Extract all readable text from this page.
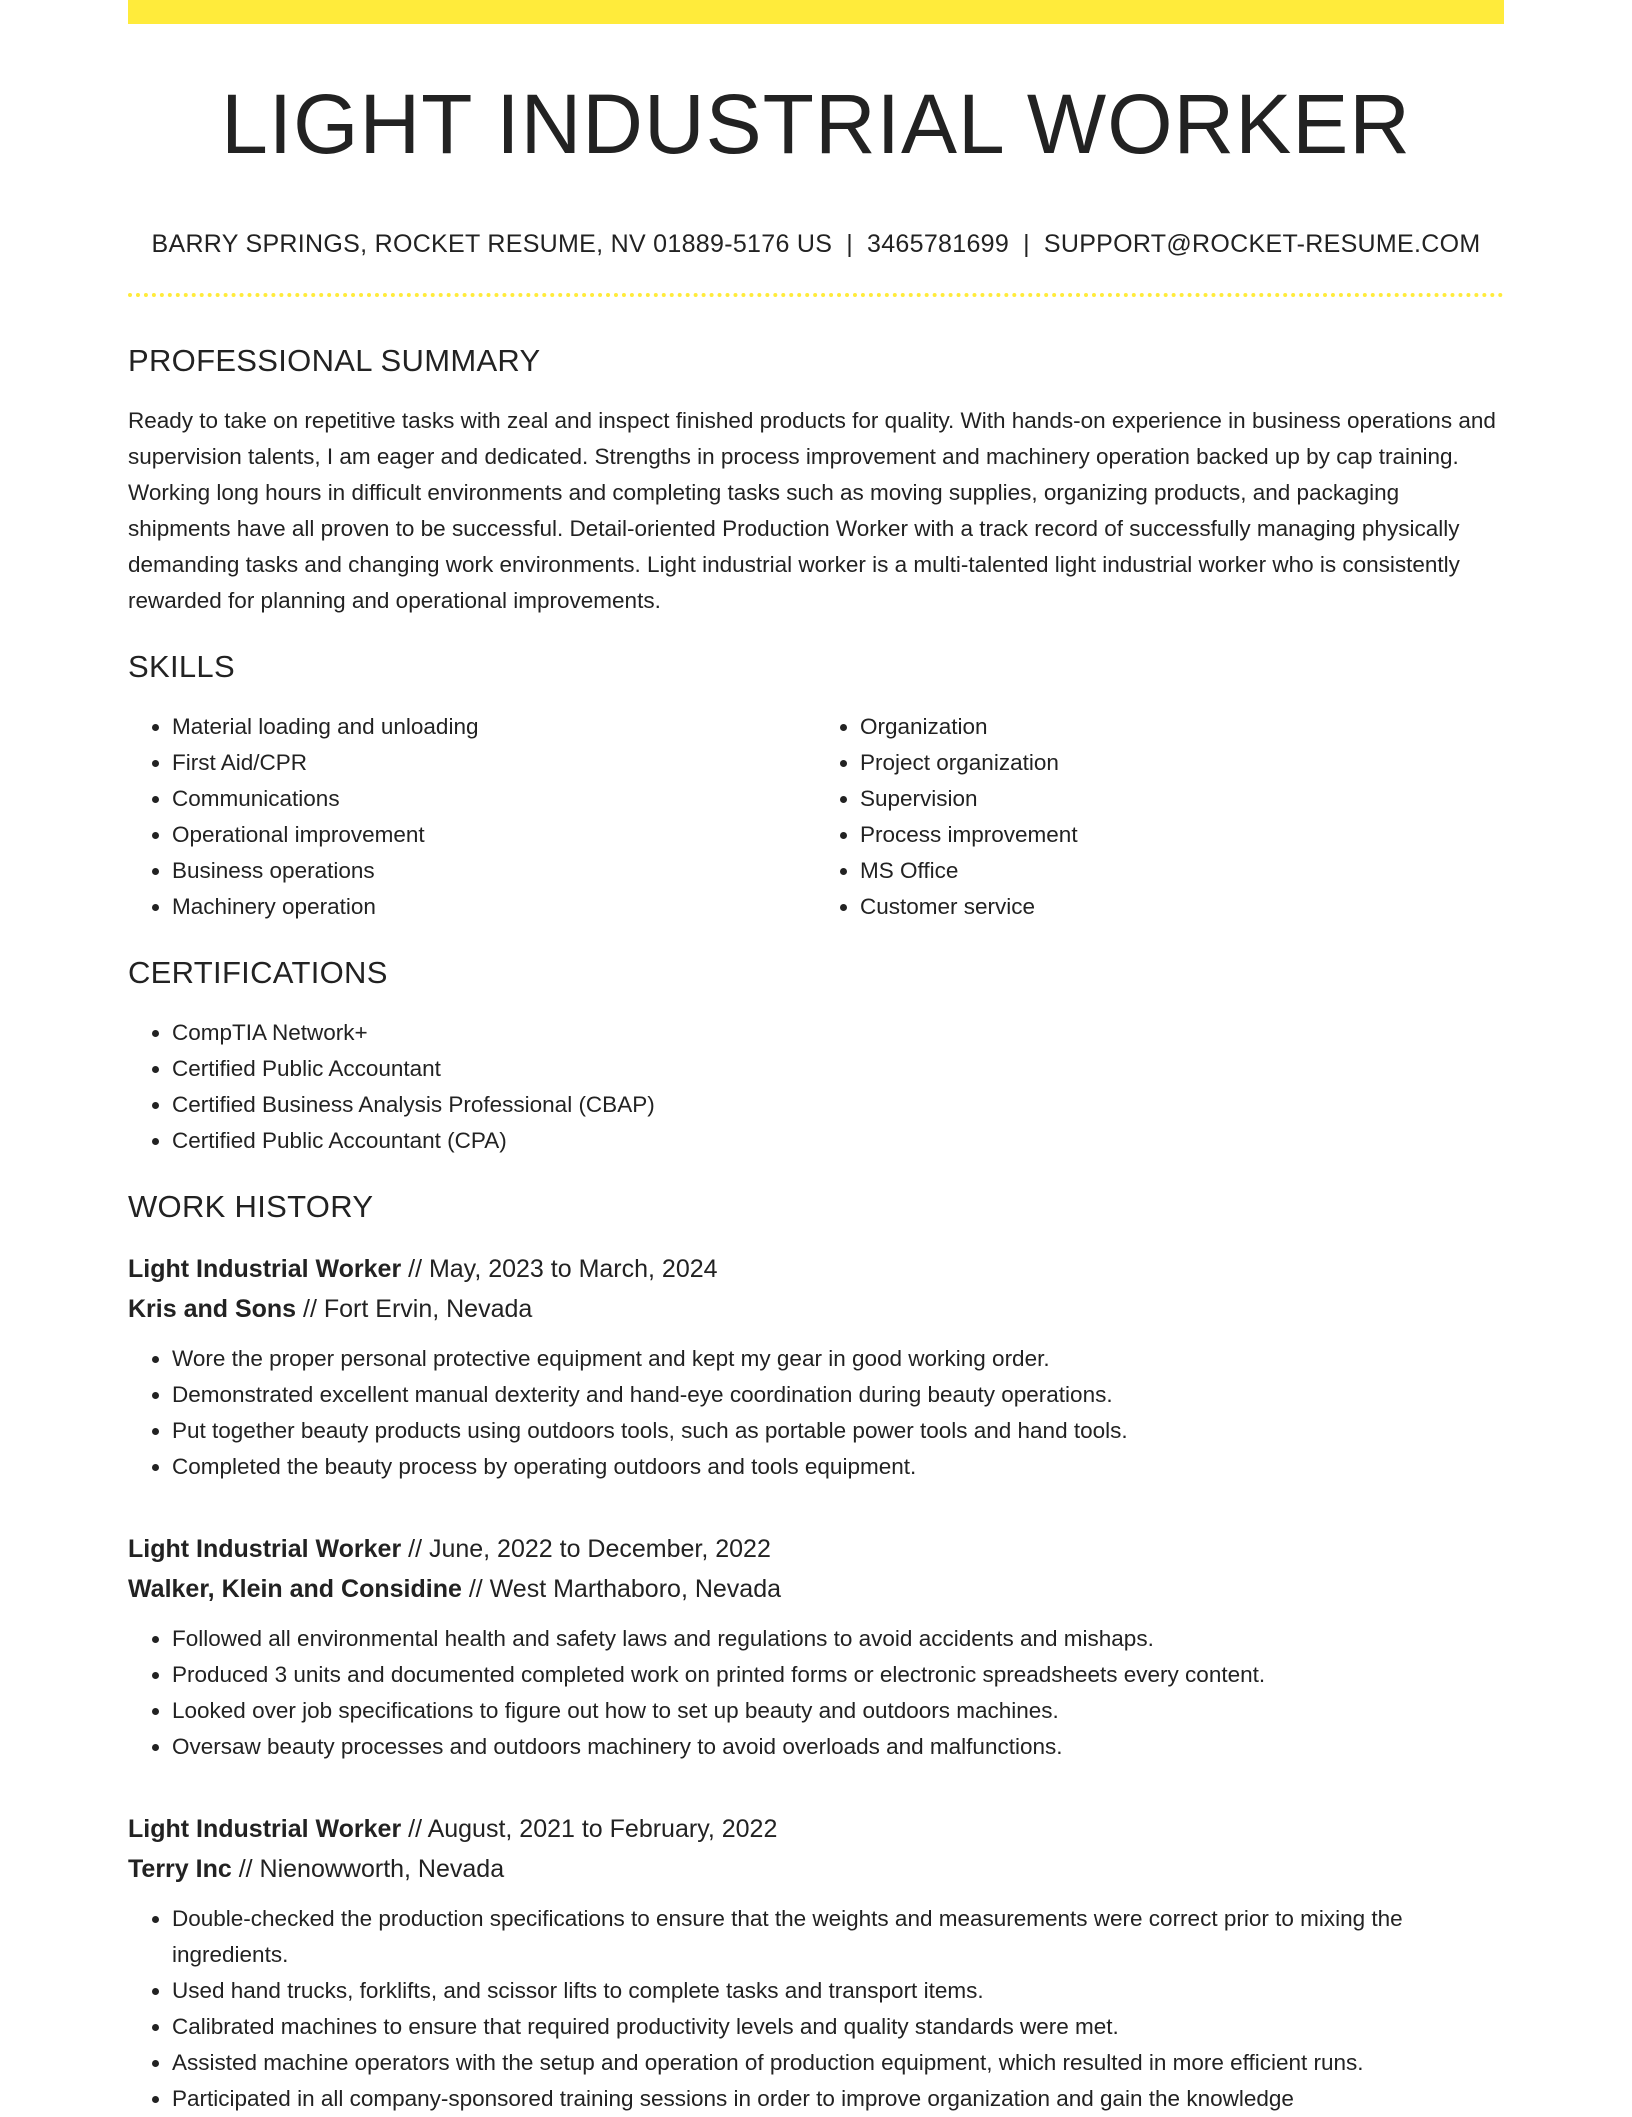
LIGHT INDUSTRIAL WORKER
BARRY SPRINGS, ROCKET RESUME, NV 01889-5176 US | 3465781699 | SUPPORT@ROCKET-RESUME.COM
PROFESSIONAL SUMMARY

Ready to take on repetitive tasks with zeal and inspect finished products for quality. With hands-on experience in business operations and supervision talents, I am eager and dedicated. Strengths in process improvement and machinery operation backed up by cap training. Working long hours in difficult environments and completing tasks such as moving supplies, organizing products, and packaging shipments have all proven to be successful. Detail-oriented Production Worker with a track record of successfully managing physically demanding tasks and changing work environments. Light industrial worker is a multi-talented light industrial worker who is consistently rewarded for planning and operational improvements.

SKILLS
• Material loading and unloading
• First Aid/CPR
• Communications
• Operational improvement
• Business operations
• Machinery operation
• Organization
• Project organization
• Supervision
• Process improvement
• MS Office
• Customer service
CERTIFICATIONS
• CompTIA Network+
• Certified Public Accountant
• Certified Business Analysis Professional (CBAP)
• Certified Public Accountant (CPA)
WORK HISTORY
Light Industrial Worker // May, 2023 to March, 2024
Kris and Sons // Fort Ervin, Nevada
• Wore the proper personal protective equipment and kept my gear in good working order.
• Demonstrated excellent manual dexterity and hand-eye coordination during beauty operations.
• Put together beauty products using outdoors tools, such as portable power tools and hand tools.
• Completed the beauty process by operating outdoors and tools equipment.
Light Industrial Worker // June, 2022 to December, 2022
Walker, Klein and Considine // West Marthaboro, Nevada
• Followed all environmental health and safety laws and regulations to avoid accidents and mishaps.
• Produced 3 units and documented completed work on printed forms or electronic spreadsheets every content.
• Looked over job specifications to figure out how to set up beauty and outdoors machines.
• Oversaw beauty processes and outdoors machinery to avoid overloads and malfunctions.
Light Industrial Worker // August, 2021 to February, 2022
Terry Inc // Nienowworth, Nevada
• Double-checked the production specifications to ensure that the weights and measurements were correct prior to mixing the ingredients.
• Used hand trucks, forklifts, and scissor lifts to complete tasks and transport items.
• Calibrated machines to ensure that required productivity levels and quality standards were met.
• Assisted machine operators with the setup and operation of production equipment, which resulted in more efficient runs.
• Participated in all company-sponsored training sessions in order to improve organization and gain the knowledge
